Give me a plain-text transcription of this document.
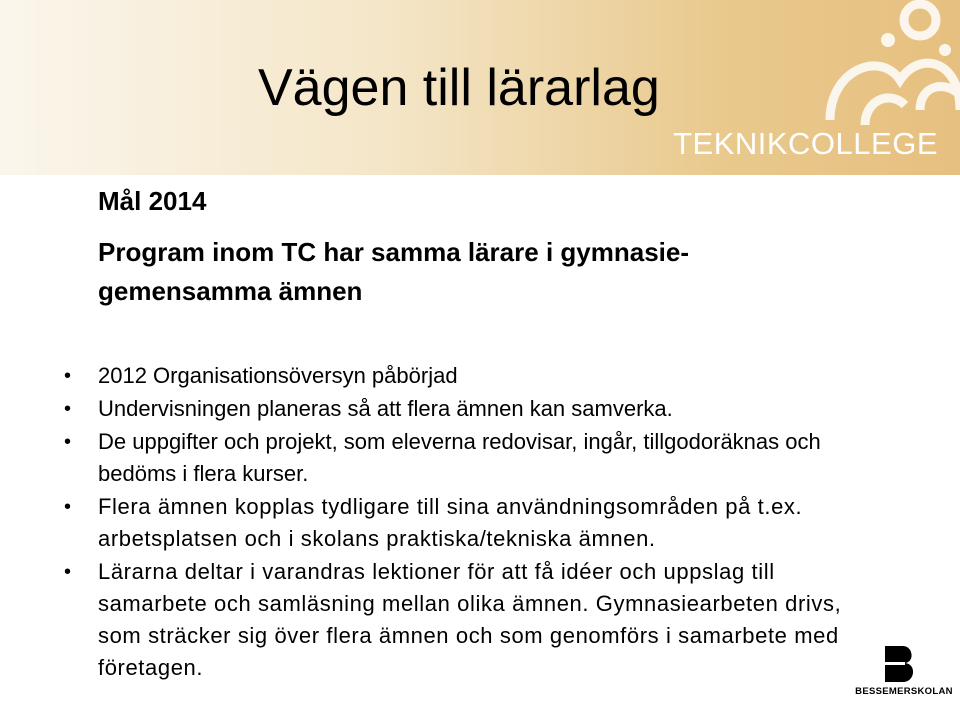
TEKNIKCOLLEGE
Vägen till lärarlag
Mål 2014
Program inom TC har samma lärare i gymnasie-
gemensamma ämnen
• 2012 Organisationsöversyn påbörjad
• Undervisningen planeras så att flera ämnen kan samverka.
• De uppgifter och projekt, som eleverna redovisar, ingår, tillgodoräknas och bedöms i flera kurser.
• Flera ämnen kopplas tydligare till sina användningsområden på t.ex. arbetsplatsen och i skolans praktiska/tekniska ämnen.
• Lärarna deltar i varandras lektioner för att få idéer och uppslag till samarbete och samläsning mellan olika ämnen. Gymnasiearbeten drivs, som sträcker sig över flera ämnen och som genomförs i samarbete med företagen.
BESSEMERSKOLAN
